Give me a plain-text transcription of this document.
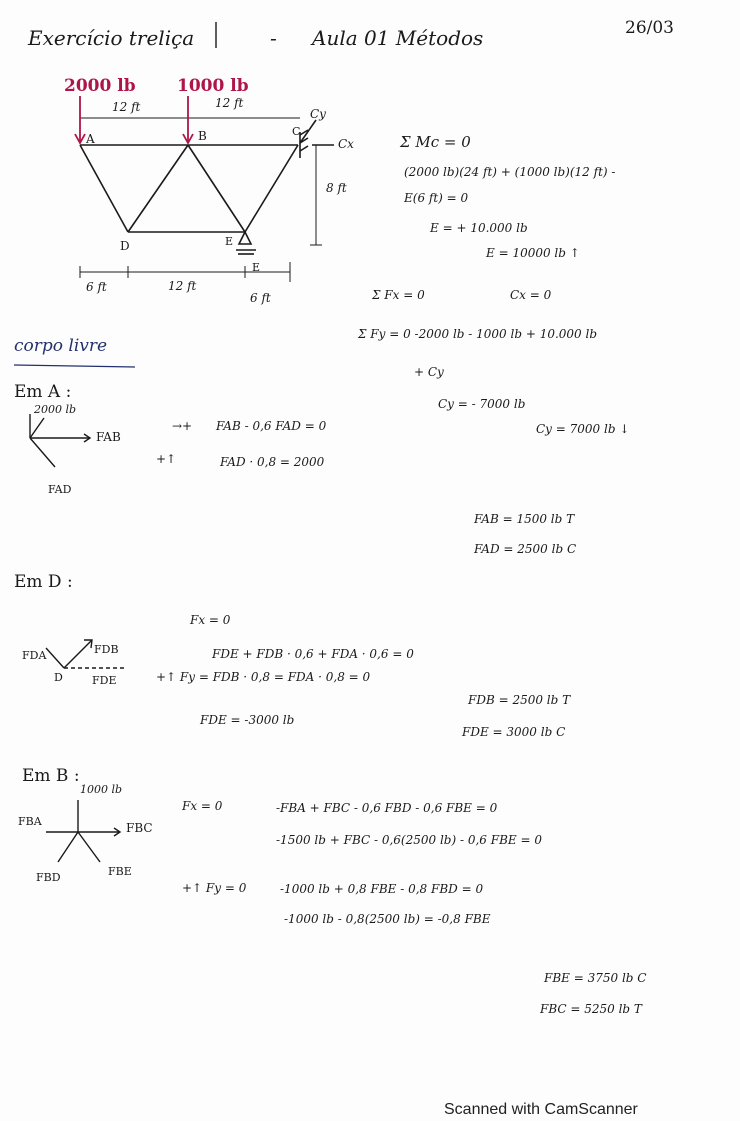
Exercício treliça	- Aula 01 Métodos	26/03
2000 lb 1000 lb
12 ft	12 ft
A	B	C
D	E
E
Cy
Cx
8 ft
6 ft	12 ft
6 ft
Σ Mc = 0
(2000 lb)(24 ft) + (1000 lb)(12 ft) -
E(6 ft) = 0
E = + 10.000 lb
E = 10000 lb ↑
Σ Fx = 0	Cx = 0
Σ Fy = 0 -2000 lb - 1000 lb + 10.000 lb
+ Cy
Cy = - 7000 lb
Cy = 7000 lb ↓
corpo livre
Em A :
2000 lb
FAB
FAD
→+ FAB - 0,6 FAD = 0
+↑	FAD · 0,8 = 2000
FAB = 1500 lb T
FAD = 2500 lb C
Em D :
FDA	FDB
FDE
D
Fx = 0
FDE + FDB · 0,6 + FDA · 0,6 = 0
+↑ Fy = FDB · 0,8 = FDA · 0,8 = 0
FDE = -3000 lb
FDB = 2500 lb T
FDE = 3000 lb C
Em B :
1000 lb
FBA	FBC
FBD	FBE
Fx = 0	-FBA + FBC - 0,6 FBD - 0,6 FBE = 0
-1500 lb + FBC - 0,6(2500 lb) - 0,6 FBE = 0
+↑ Fy = 0	-1000 lb + 0,8 FBE - 0,8 FBD = 0
-1000 lb - 0,8(2500 lb) = -0,8 FBE
FBE = 3750 lb C
FBC = 5250 lb T
Scanned with CamScanner
